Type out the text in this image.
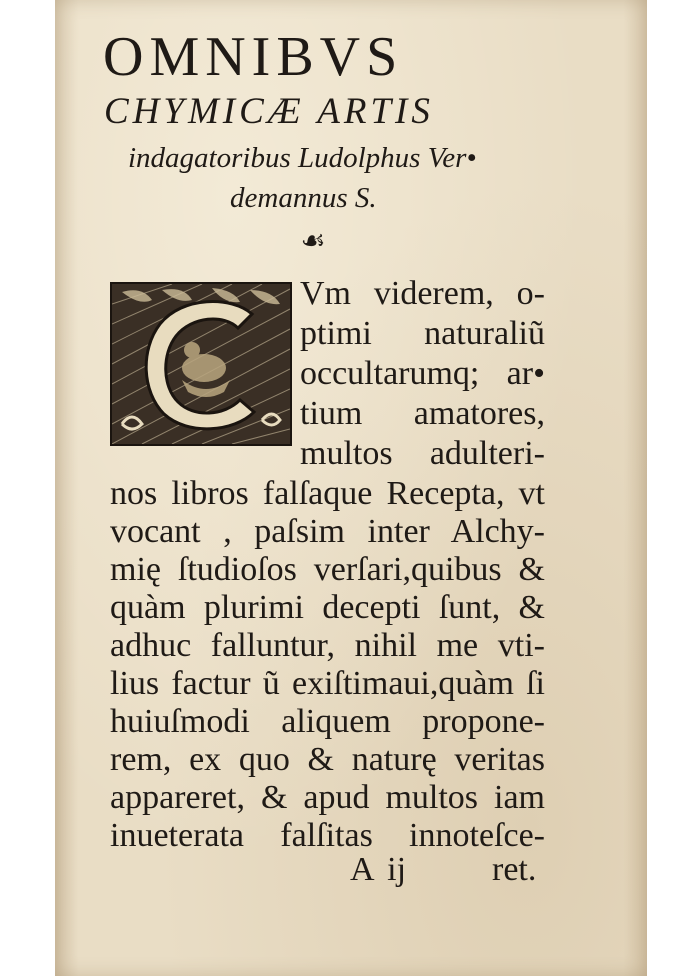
OMNIBVS
CHYMICÆ ARTIS
indagatoribus Ludolphus Ver•
demannus S.
☙
Vm viderem, o-
ptimi naturaliũ
occultarumq; ar•
tium amatores,
multos adulteri-
nos libros falſaque Recepta, vt
vocant , paſsim inter Alchy-
mię ſtudioſos verſari,quibus &
quàm plurimi decepti ſunt, &
adhuc falluntur, nihil me vti-
lius factur ũ exiſtimaui,quàm ſi
huiuſmodi aliquem propone-
rem, ex quo & naturę veritas
appareret, & apud multos iam
inueterata falſitas innoteſce-
A ij	ret.
